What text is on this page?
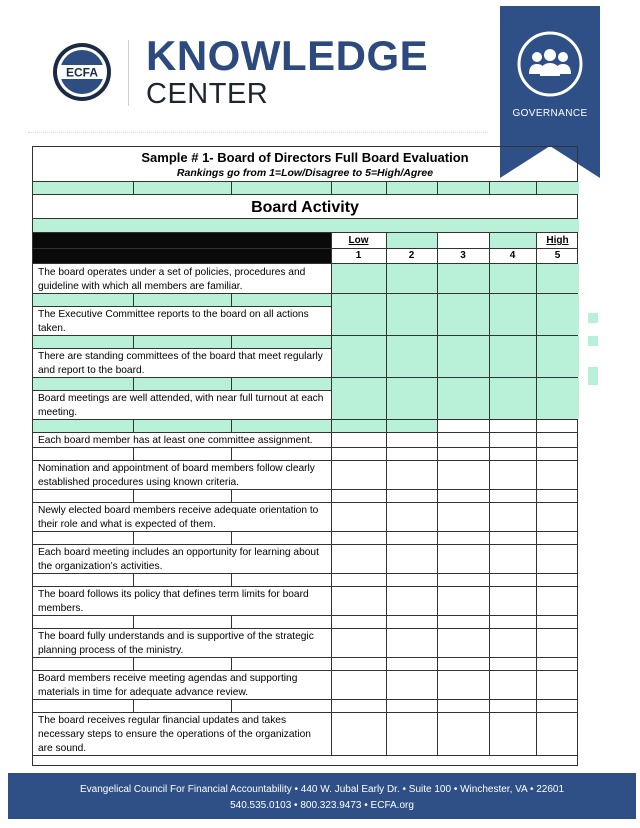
ECFA KNOWLEDGE
CENTER
GOVERNANCE
Sample # 1- Board of Directors Full Board Evaluation
Rankings go from 1=Low/Disagree to 5=High/Agree
Board Activity
Low	High
1	2	3	4	5
The board operates under a set of policies, procedures and guideline with which all members are familiar.
The Executive Committee reports to the board on all actions taken.
There are standing committees of the board that meet regularly and report to the board.
Board meetings are well attended, with near full turnout at each meeting.
Each board member has at least one committee assignment.
Nomination and appointment of board members follow clearly established procedures using known criteria.
Newly elected board members receive adequate orientation to their role and what is expected of them.
Each board meeting includes an opportunity for learning about the organization’s activities.
The board follows its policy that defines term limits for board members.
The board fully understands and is supportive of the strategic planning process of the ministry.
Board members receive meeting agendas and supporting materials in time for adequate advance review.
The board receives regular financial updates and takes necessary steps to ensure the operations of the organization are sound.
Evangelical Council For Financial Accountability • 440 W. Jubal Early Dr. • Suite 100 • Winchester, VA • 22601
540.535.0103 • 800.323.9473 • ECFA.org
